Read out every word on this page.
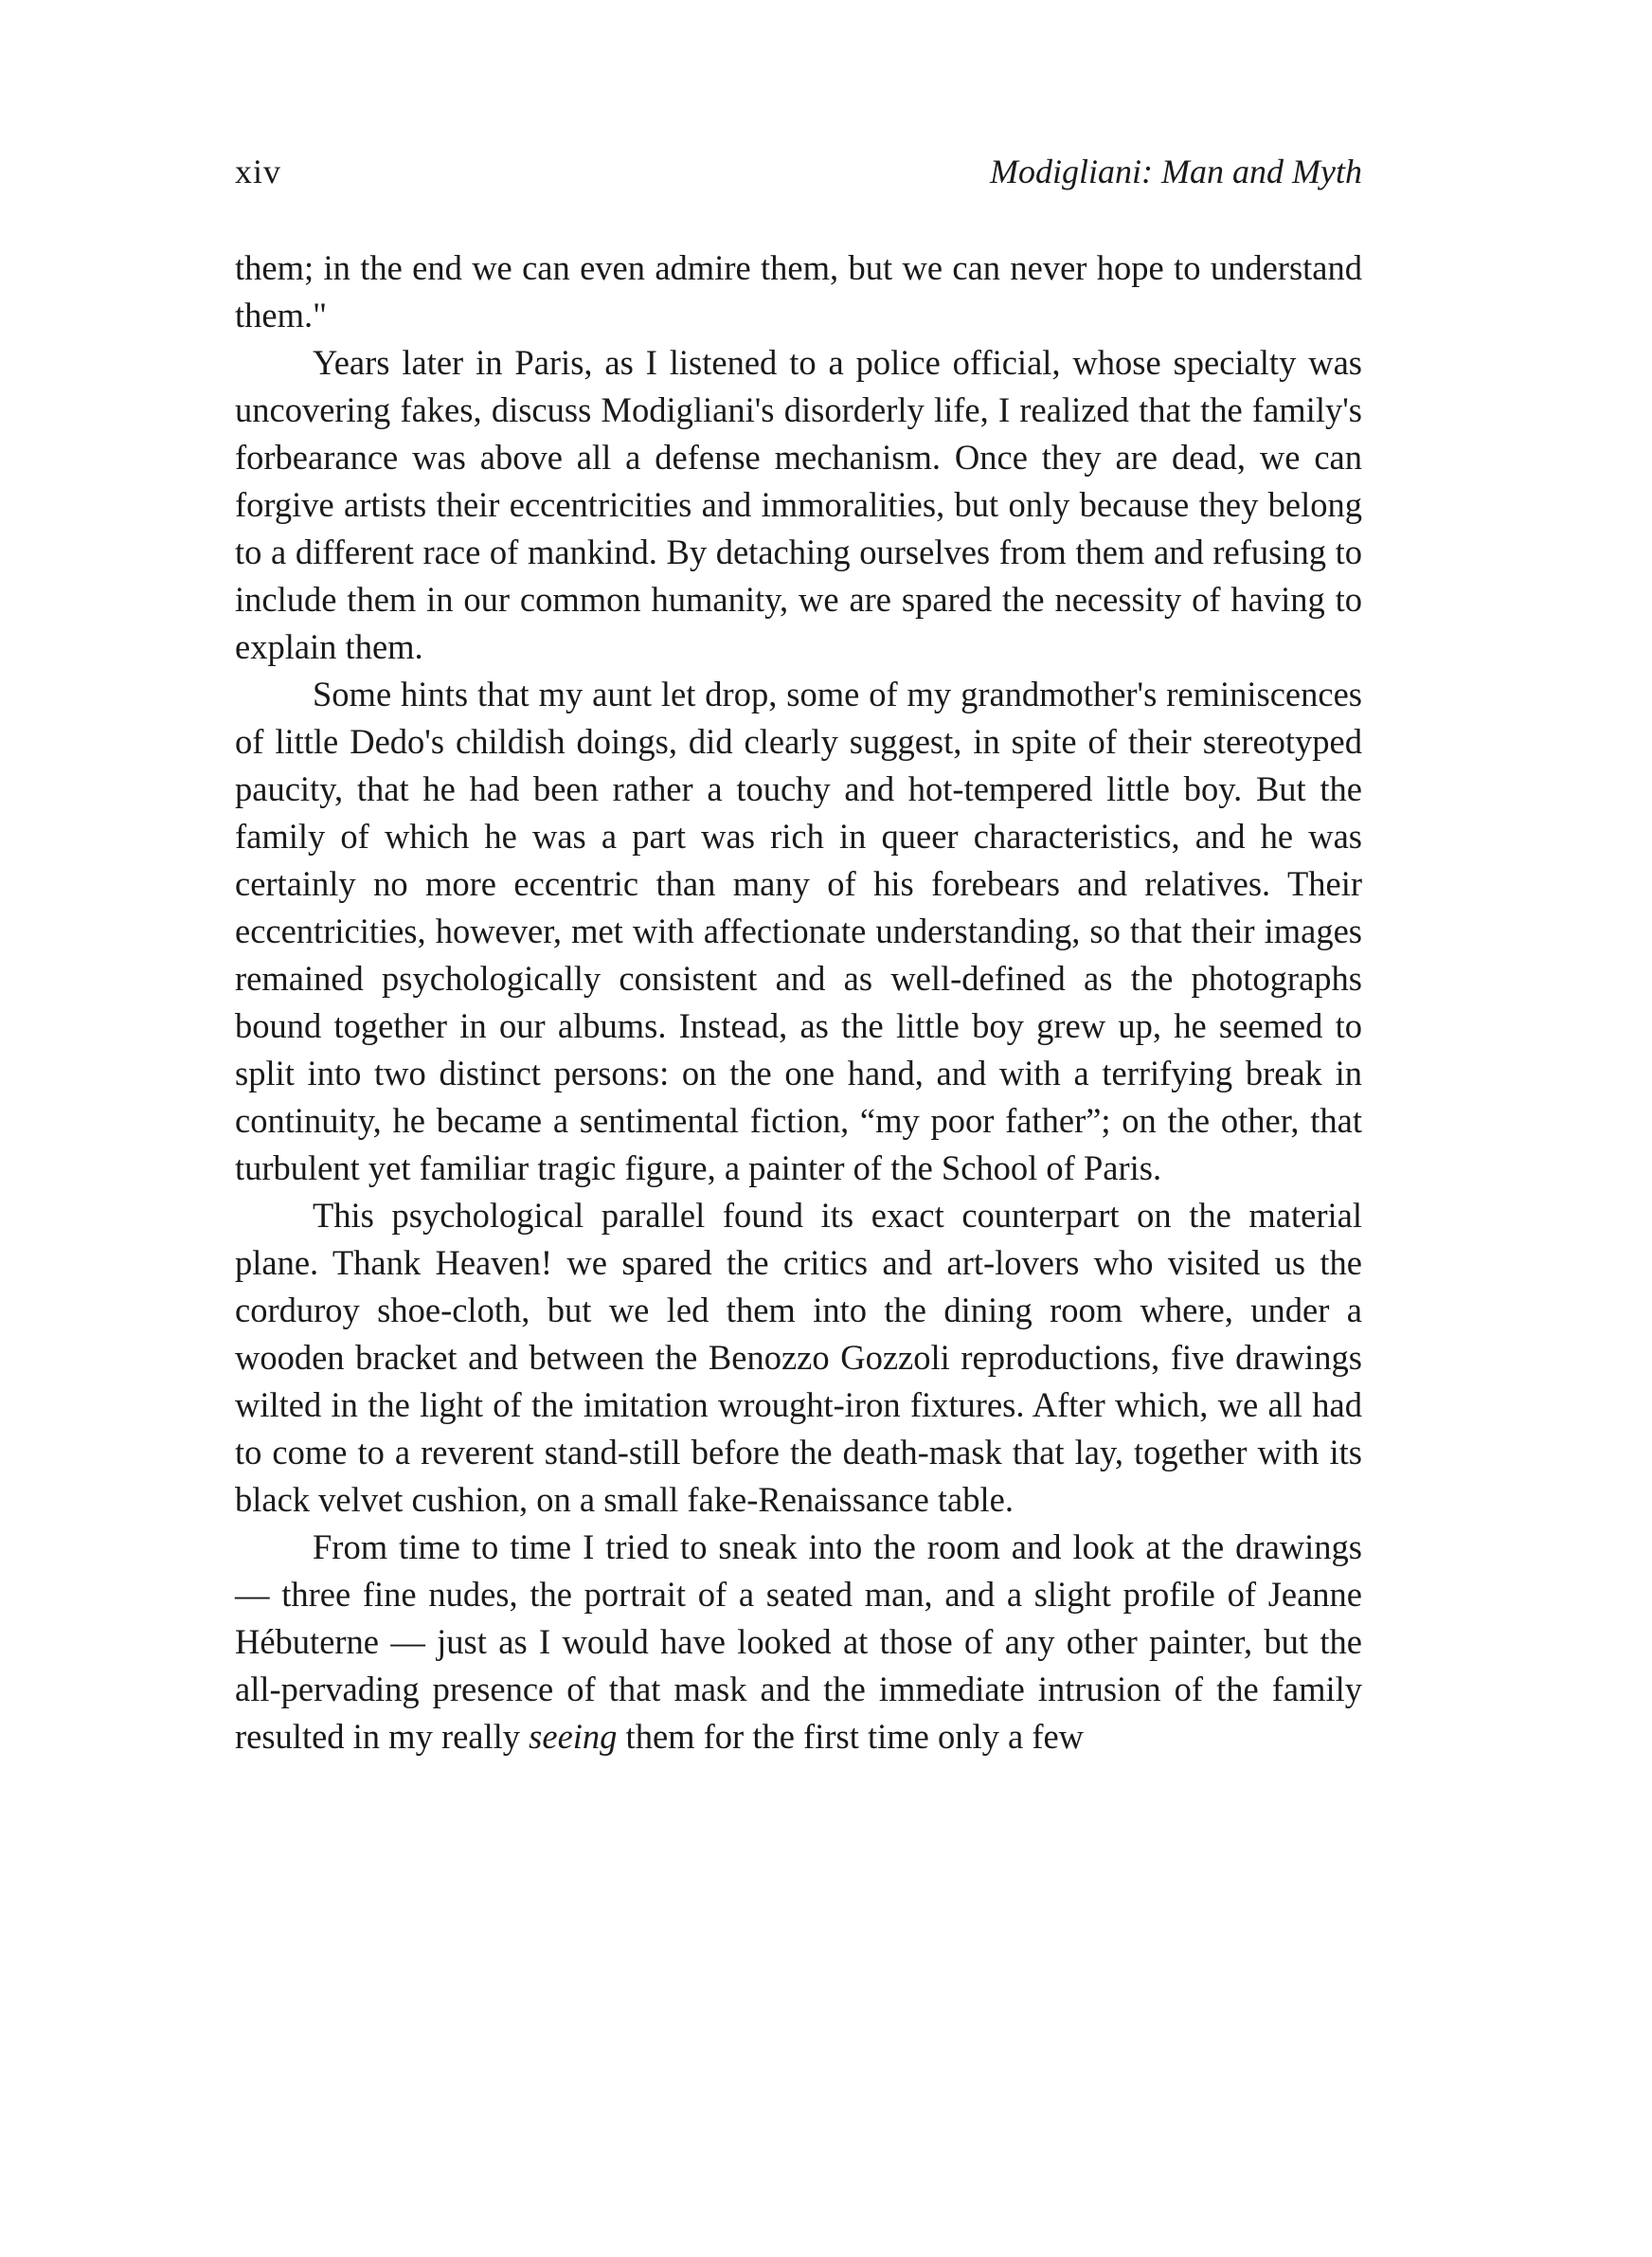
xiv	Modigliani: Man and Myth

them; in the end we can even admire them, but we can never hope to understand them."

Years later in Paris, as I listened to a police official, whose specialty was uncovering fakes, discuss Modigliani's disorderly life, I realized that the family's forbearance was above all a defense mechanism. Once they are dead, we can forgive artists their eccentricities and immoralities, but only because they belong to a different race of mankind. By detaching ourselves from them and refusing to include them in our common humanity, we are spared the necessity of having to explain them.

Some hints that my aunt let drop, some of my grandmother's reminiscences of little Dedo's childish doings, did clearly suggest, in spite of their stereotyped paucity, that he had been rather a touchy and hot-tempered little boy. But the family of which he was a part was rich in queer characteristics, and he was certainly no more eccentric than many of his forebears and relatives. Their eccentricities, however, met with affectionate understanding, so that their images remained psychologically consistent and as well-defined as the photographs bound together in our albums. Instead, as the little boy grew up, he seemed to split into two distinct persons: on the one hand, and with a terrifying break in continuity, he became a sentimental fiction, “my poor father”; on the other, that turbulent yet familiar tragic figure, a painter of the School of Paris.

This psychological parallel found its exact counterpart on the material plane. Thank Heaven! we spared the critics and art-lovers who visited us the corduroy shoe-cloth, but we led them into the dining room where, under a wooden bracket and between the Benozzo Gozzoli reproductions, five drawings wilted in the light of the imitation wrought-iron fixtures. After which, we all had to come to a reverent stand-still before the death-mask that lay, together with its black velvet cushion, on a small fake-Renaissance table.

From time to time I tried to sneak into the room and look at the drawings — three fine nudes, the portrait of a seated man, and a slight profile of Jeanne Hébuterne — just as I would have looked at those of any other painter, but the all-pervading presence of that mask and the immediate intrusion of the family resulted in my really seeing them for the first time only a few
